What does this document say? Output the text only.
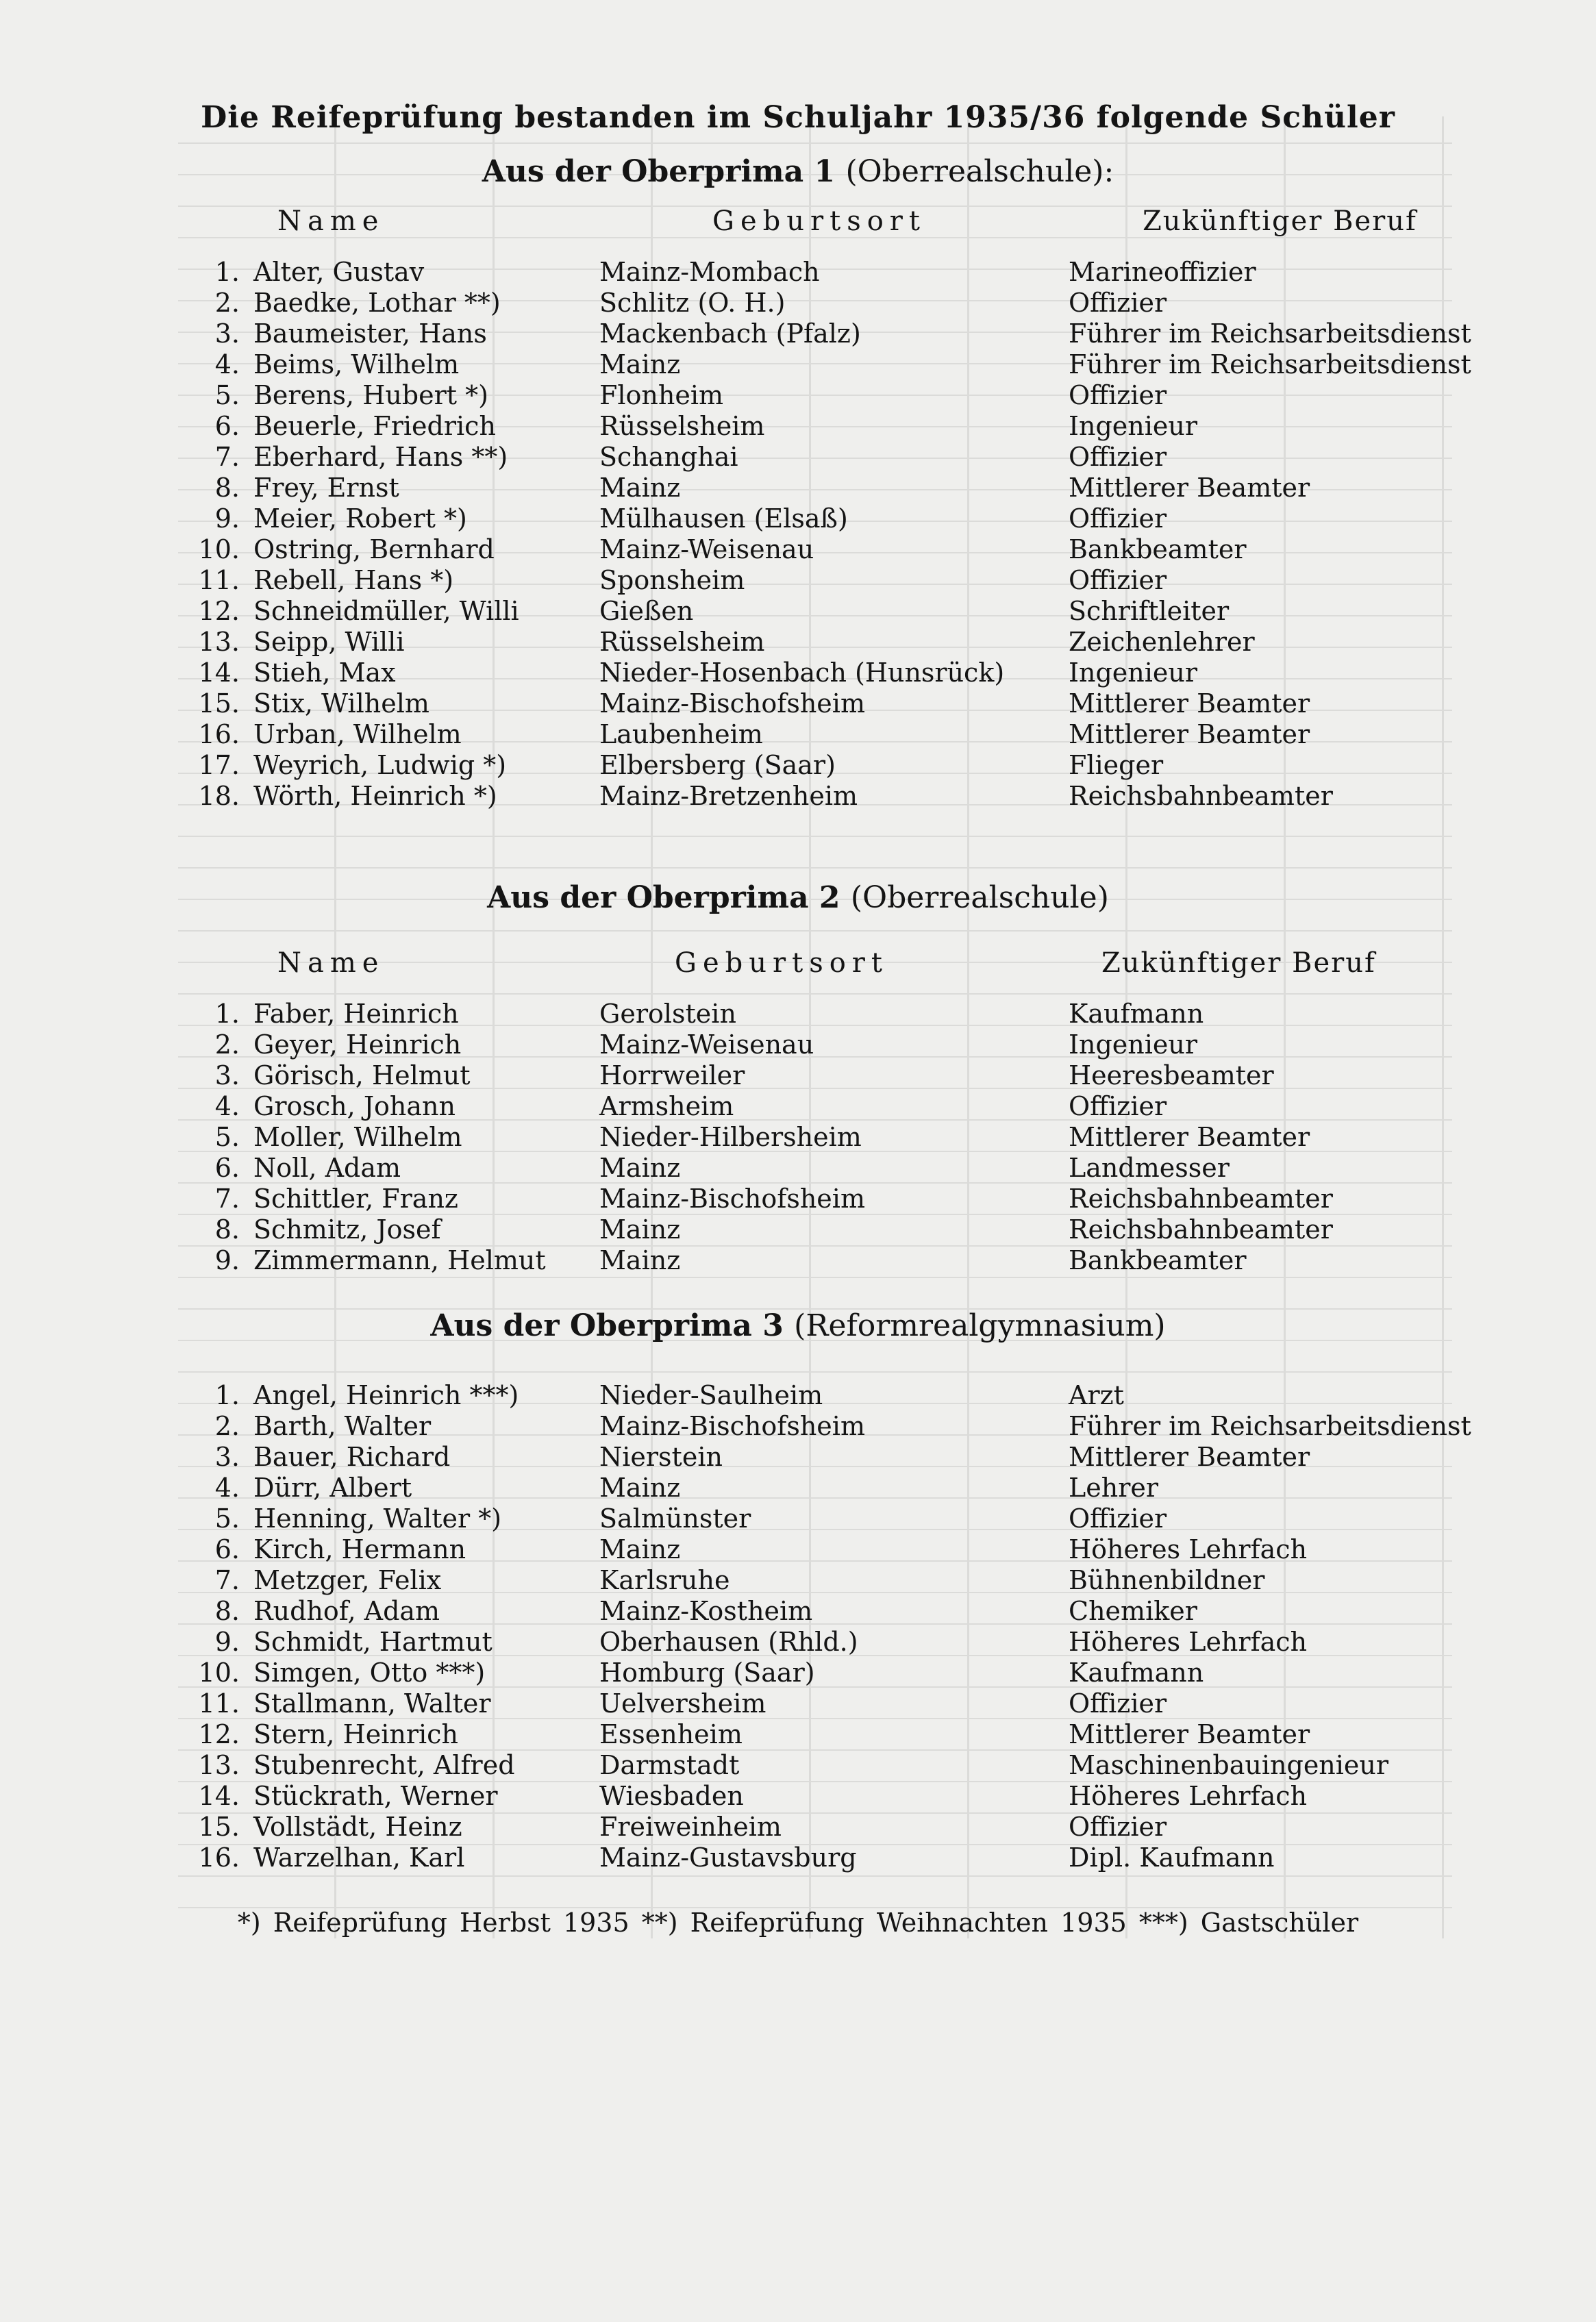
Die Reifeprüfung bestanden im Schuljahr 1935/36 folgende Schüler
Aus der Oberprima 1 (Oberrealschule):
Name	Geburtsort	Zukünftiger Beruf
1. Alter, Gustav	Mainz-Mombach	Marineoffizier
2. Baedke, Lothar **)	Schlitz (O. H.)	Offizier
3. Baumeister, Hans	Mackenbach (Pfalz)	Führer im Reichsarbeitsdienst
4. Beims, Wilhelm	Mainz	Führer im Reichsarbeitsdienst
5. Berens, Hubert *)	Flonheim	Offizier
6. Beuerle, Friedrich	Rüsselsheim	Ingenieur
7. Eberhard, Hans **)	Schanghai	Offizier
8. Frey, Ernst	Mainz	Mittlerer Beamter
9. Meier, Robert *)	Mülhausen (Elsaß)	Offizier
10. Ostring, Bernhard	Mainz-Weisenau	Bankbeamter
11. Rebell, Hans *)	Sponsheim	Offizier
12. Schneidmüller, Willi	Gießen	Schriftleiter
13. Seipp, Willi	Rüsselsheim	Zeichenlehrer
14. Stieh, Max	Nieder-Hosenbach (Hunsrück) Ingenieur
15. Stix, Wilhelm	Mainz-Bischofsheim	Mittlerer Beamter
16. Urban, Wilhelm	Laubenheim	Mittlerer Beamter
17. Weyrich, Ludwig *)	Elbersberg (Saar)	Flieger
18. Wörth, Heinrich *)	Mainz-Bretzenheim	Reichsbahnbeamter
Aus der Oberprima 2 (Oberrealschule)
Name	Geburtsort	Zukünftiger Beruf
1. Faber, Heinrich	Gerolstein	Kaufmann
2. Geyer, Heinrich	Mainz-Weisenau	Ingenieur
3. Görisch, Helmut	Horrweiler	Heeresbeamter
4. Grosch, Johann	Armsheim	Offizier
5. Moller, Wilhelm	Nieder-Hilbersheim	Mittlerer Beamter
6. Noll, Adam	Mainz	Landmesser
7. Schittler, Franz	Mainz-Bischofsheim	Reichsbahnbeamter
8. Schmitz, Josef	Mainz	Reichsbahnbeamter
9. Zimmermann, Helmut Mainz	Bankbeamter
Aus der Oberprima 3 (Reformrealgymnasium)
1. Angel, Heinrich ***)	Nieder-Saulheim	Arzt
2. Barth, Walter	Mainz-Bischofsheim	Führer im Reichsarbeitsdienst
3. Bauer, Richard	Nierstein	Mittlerer Beamter
4. Dürr, Albert	Mainz	Lehrer
5. Henning, Walter *)	Salmünster	Offizier
6. Kirch, Hermann	Mainz	Höheres Lehrfach
7. Metzger, Felix	Karlsruhe	Bühnenbildner
8. Rudhof, Adam	Mainz-Kostheim	Chemiker
9. Schmidt, Hartmut	Oberhausen (Rhld.)	Höheres Lehrfach
10. Simgen, Otto ***)	Homburg (Saar)	Kaufmann
11. Stallmann, Walter	Uelversheim	Offizier
12. Stern, Heinrich	Essenheim	Mittlerer Beamter
13. Stubenrecht, Alfred	Darmstadt	Maschinenbauingenieur
14. Stückrath, Werner	Wiesbaden	Höheres Lehrfach
15. Vollstädt, Heinz	Freiweinheim	Offizier
16. Warzelhan, Karl	Mainz-Gustavsburg	Dipl. Kaufmann
*) Reifeprüfung Herbst 1935 **) Reifeprüfung Weihnachten 1935 ***) Gastschüler
